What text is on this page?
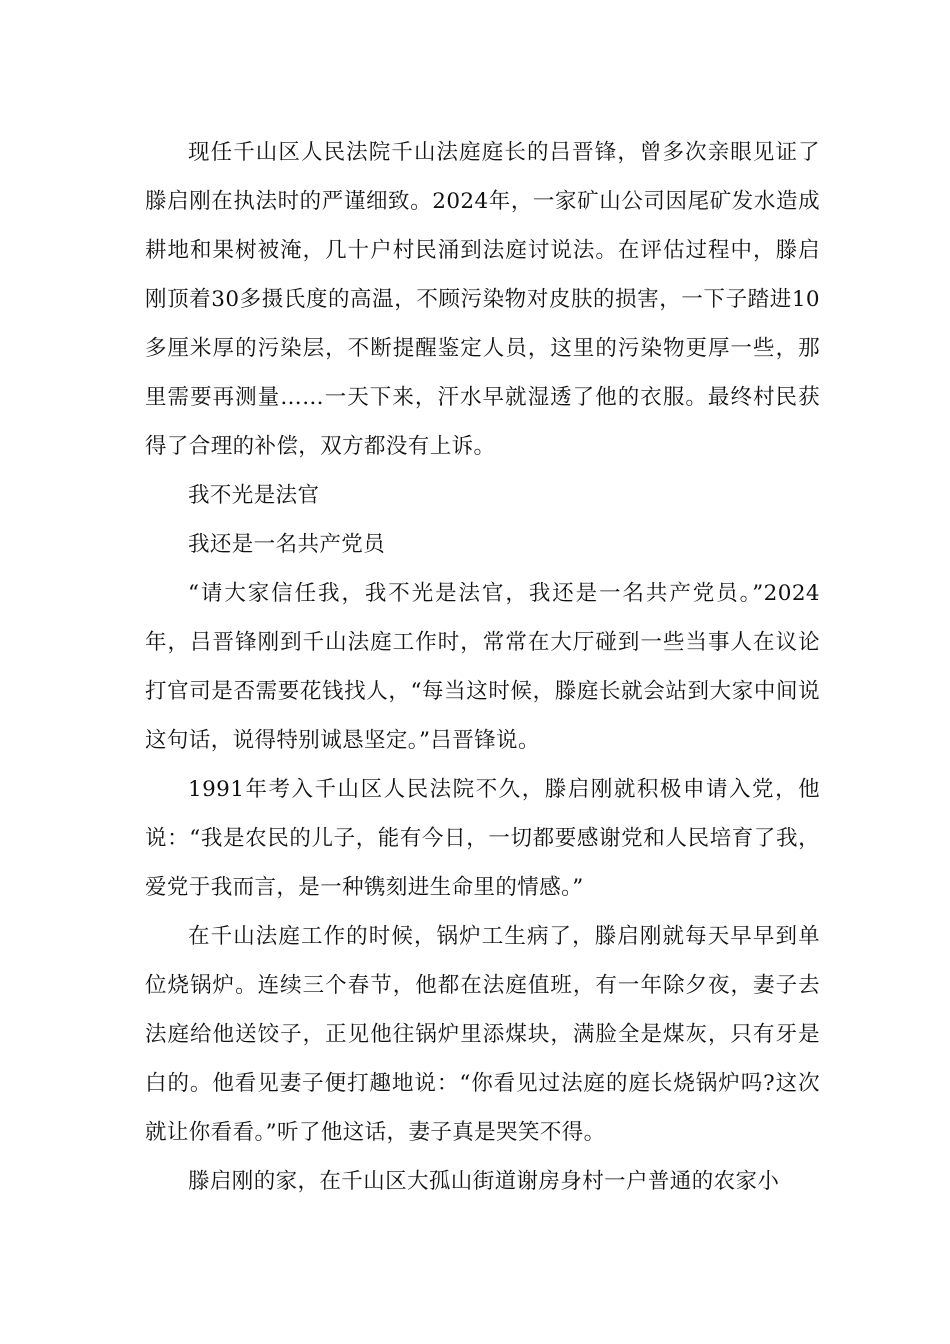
现任千山区人民法院千山法庭庭长的吕晋锋，曾多次亲眼见证了滕启刚在执法时的严谨细致。2024年，一家矿山公司因尾矿发水造成耕地和果树被淹，几十户村民涌到法庭讨说法。在评估过程中，滕启刚顶着30多摄氏度的高温，不顾污染物对皮肤的损害，一下子踏进10多厘米厚的污染层，不断提醒鉴定人员，这里的污染物更厚一些，那里需要再测量……一天下来，汗水早就湿透了他的衣服。最终村民获得了合理的补偿，双方都没有上诉。

我不光是法官

我还是一名共产党员

“请大家信任我，我不光是法官，我还是一名共产党员。”2024年，吕晋锋刚到千山法庭工作时，常常在大厅碰到一些当事人在议论打官司是否需要花钱找人，“每当这时候，滕庭长就会站到大家中间说这句话，说得特别诚恳坚定。”吕晋锋说。

1991年考入千山区人民法院不久，滕启刚就积极申请入党，他说：“我是农民的儿子，能有今日，一切都要感谢党和人民培育了我，爱党于我而言，是一种镌刻进生命里的情感。”

在千山法庭工作的时候，锅炉工生病了，滕启刚就每天早早到单位烧锅炉。连续三个春节，他都在法庭值班，有一年除夕夜，妻子去法庭给他送饺子，正见他往锅炉里添煤块，满脸全是煤灰，只有牙是白的。他看见妻子便打趣地说：“你看见过法庭的庭长烧锅炉吗?这次就让你看看。”听了他这话，妻子真是哭笑不得。

滕启刚的家，在千山区大孤山街道谢房身村一户普通的农家小
